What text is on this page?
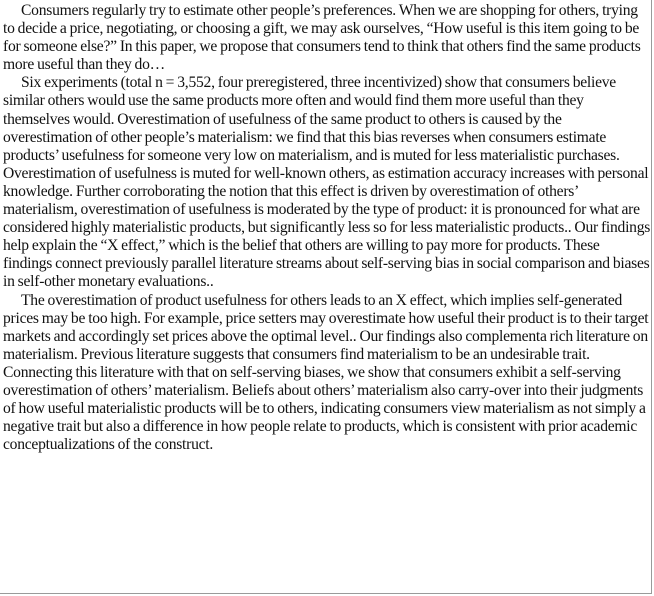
Consumers regularly try to estimate other people’s preferences. When we are shopping for others, trying to decide a price, negotiating, or choosing a gift, we may ask ourselves, “How useful is this item going to be for someone else?” In this paper, we propose that consumers tend to think that others find the same products more useful than they do…

Six experiments (total n = 3,552, four preregistered, three incentivized) show that consumers believe similar others would use the same products more often and would find them more useful than they themselves would. Overestimation of usefulness of the same product to others is caused by the overestimation of other people’s materialism: we find that this bias reverses when consumers estimate products’ usefulness for someone very low on materialism, and is muted for less materialistic purchases. Overestimation of usefulness is muted for well-known others, as estimation accuracy increases with personal knowledge. Further corroborating the notion that this effect is driven by overestimation of others’ materialism, overestimation of usefulness is moderated by the type of product: it is pronounced for what are considered highly materialistic products, but significantly less so for less materialistic products.. Our findings help explain the “X effect,” which is the belief that others are willing to pay more for products. These findings connect previously parallel literature streams about self-serving bias in social comparison and biases in self-other monetary evaluations..

The overestimation of product usefulness for others leads to an X effect, which implies self-generated prices may be too high. For example, price setters may overestimate how useful their product is to their target markets and accordingly set prices above the optimal level.. Our findings also complementa rich literature on materialism. Previous literature suggests that consumers find materialism to be an undesirable trait. Connecting this literature with that on self-serving biases, we show that consumers exhibit a self-serving overestimation of others’ materialism. Beliefs about others’ materialism also carry-over into their judgments of how useful materialistic products will be to others, indicating consumers view materialism as not simply a negative trait but also a difference in how people relate to products, which is consistent with prior academic conceptualizations of the construct.
